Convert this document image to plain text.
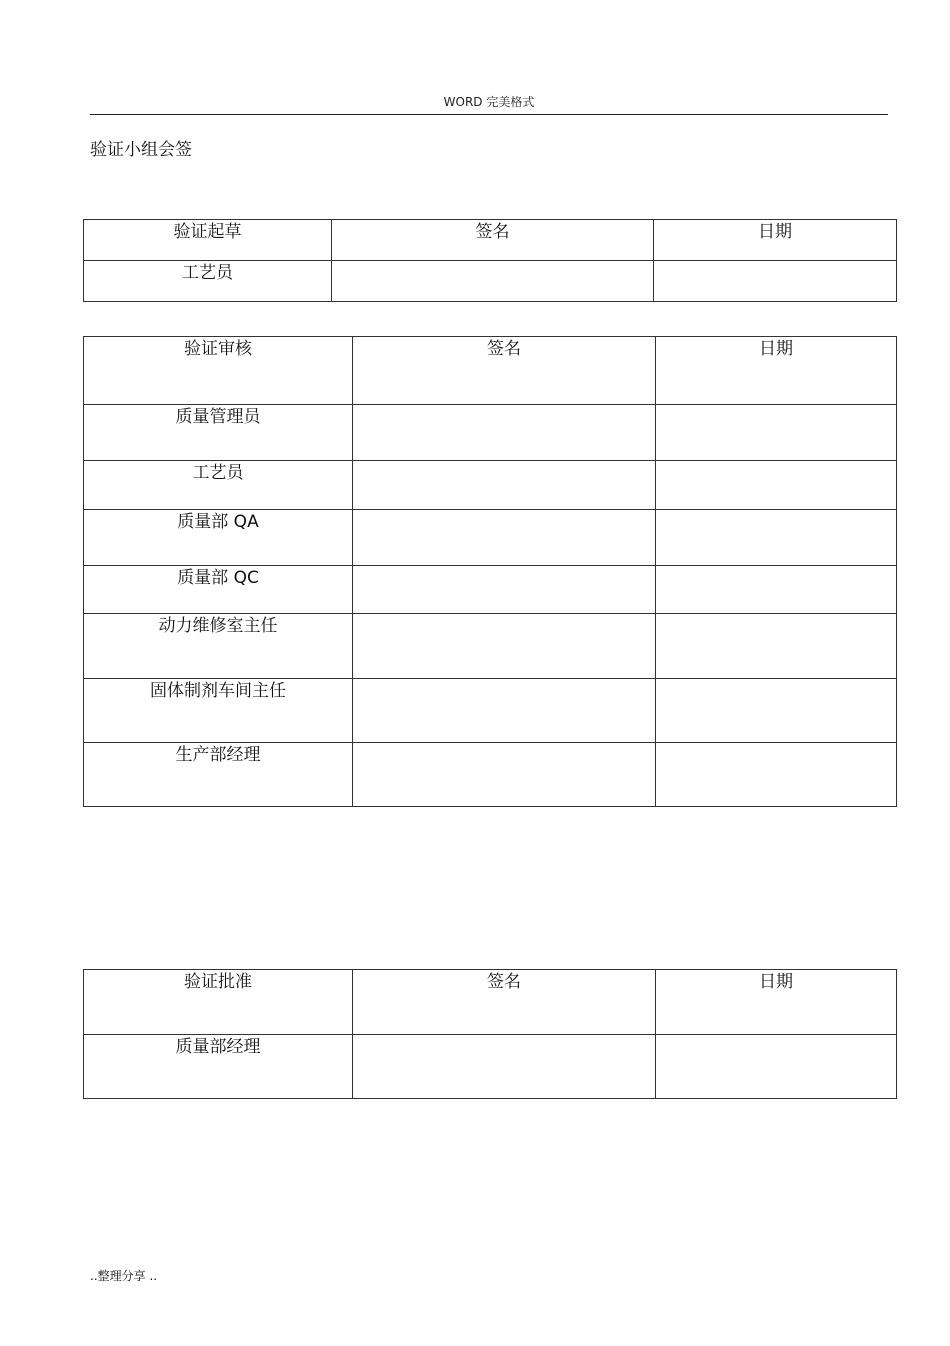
WORD 完美格式
验证小组会签
验证起草	签名	日期
工艺员		
验证审核	签名	日期
质量管理员		
工艺员		
质量部 QA		
质量部 QC		
动力维修室主任		
固体制剂车间主任		
生产部经理		
验证批准	签名	日期
质量部经理		
..整理分享 ..
